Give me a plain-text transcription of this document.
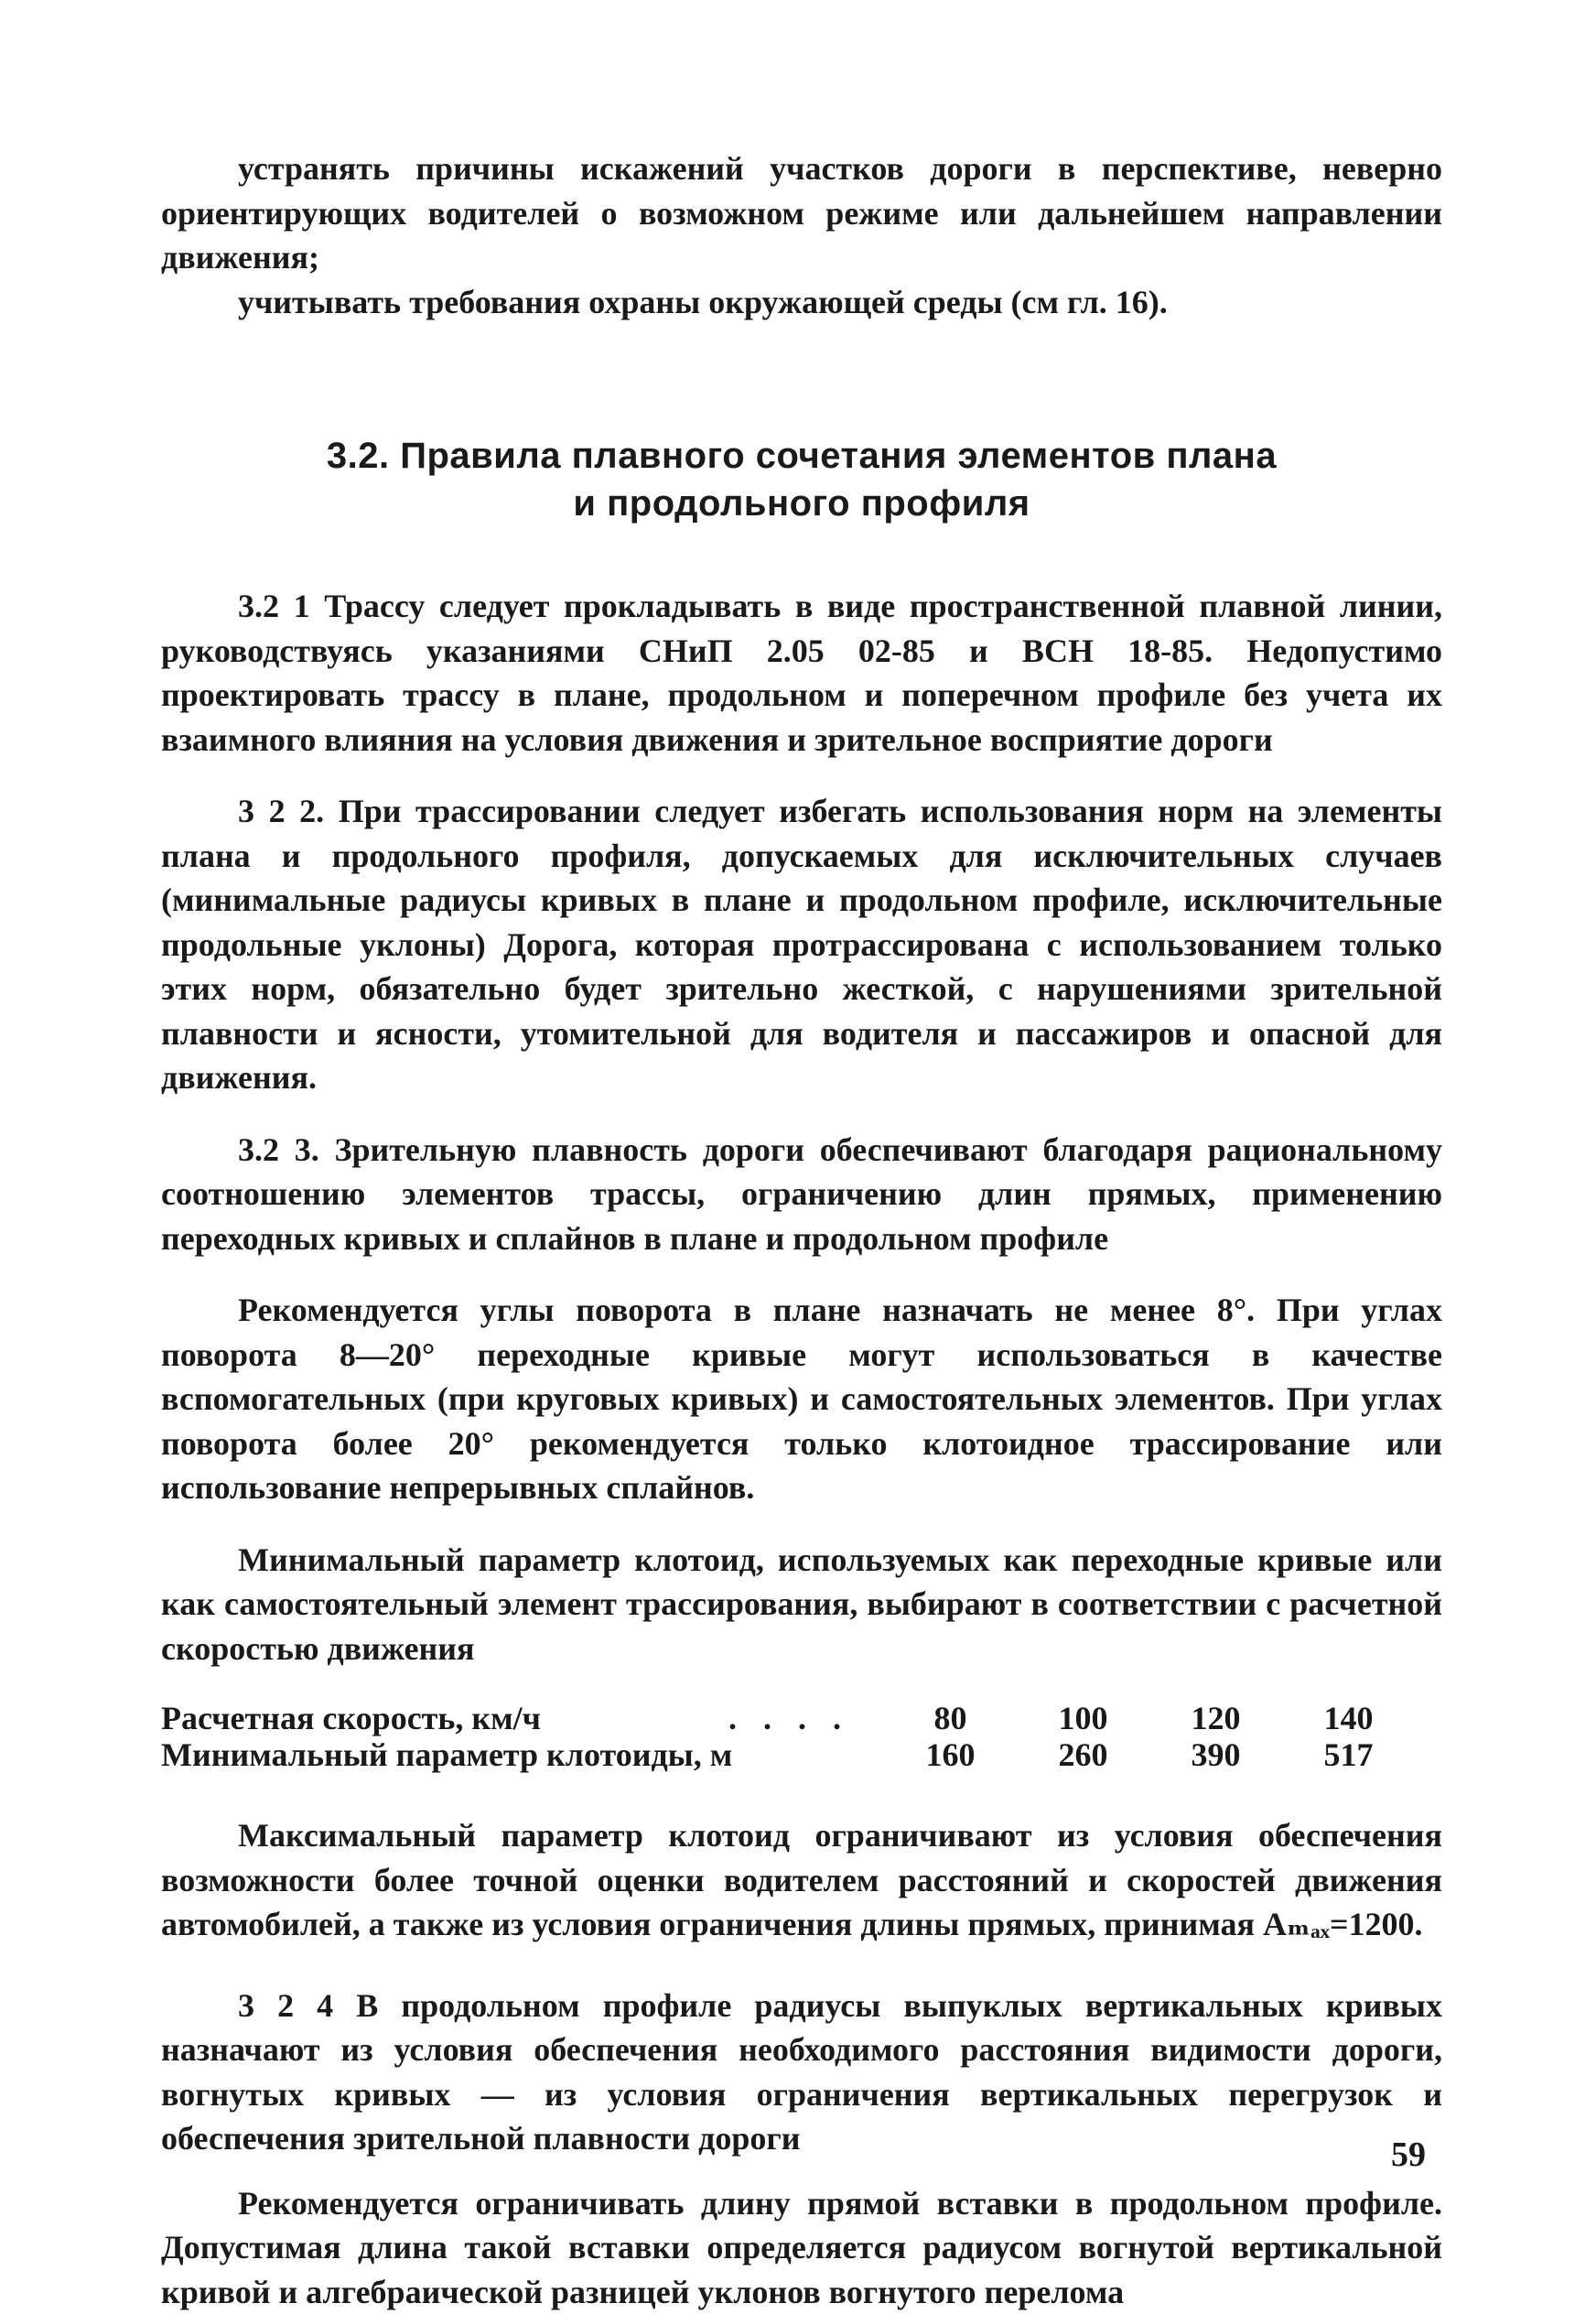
устранять причины искажений участков дороги в перспективе, неверно ориентирующих водителей о возможном режиме или дальнейшем направлении движения;

учитывать требования охраны окружающей среды (см гл. 16).

3.2. Правила плавного сочетания элементов плана
и продольного профиля

3.2 1 Трассу следует прокладывать в виде пространственной плавной линии, руководствуясь указаниями СНиП 2.05 02-85 и ВСН 18-85. Недопустимо проектировать трассу в плане, продольном и поперечном профиле без учета их взаимного влияния на условия движения и зрительное восприятие дороги

3 2 2. При трассировании следует избегать использования норм на элементы плана и продольного профиля, допускаемых для исключительных случаев (минимальные радиусы кривых в плане и продольном профиле, исключительные продольные уклоны) Дорога, которая протрассирована с использованием только этих норм, обязательно будет зрительно жесткой, с нарушениями зрительной плавности и ясности, утомительной для водителя и пассажиров и опасной для движения.

3.2 3. Зрительную плавность дороги обеспечивают благодаря рациональному соотношению элементов трассы, ограничению длин прямых, применению переходных кривых и сплайнов в плане и продольном профиле

Рекомендуется углы поворота в плане назначать не менее 8°. При углах поворота 8—20° переходные кривые могут использоваться в качестве вспомогательных (при круговых кривых) и самостоятельных элементов. При углах поворота более 20° рекомендуется только клотоидное трассирование или использование непрерывных сплайнов.

Минимальный параметр клотоид, используемых как переходные кривые или как самостоятельный элемент трассирования, выбирают в соответствии с расчетной скоростью движения

Расчетная скорость, км/ч	. . . .	80	100	120	140
Минимальный параметр клотоиды, м		160	260	390	517

Максимальный параметр клотоид ограничивают из условия обеспечения возможности более точной оценки водителем расстояний и скоростей движения автомобилей, а также из условия ограничения длины прямых, принимая Aₘₐₓ=1200.

3 2 4 В продольном профиле радиусы выпуклых вертикальных кривых назначают из условия обеспечения необходимого расстояния видимости дороги, вогнутых кривых — из условия ограничения вертикальных перегрузок и обеспечения зрительной плавности дороги

Рекомендуется ограничивать длину прямой вставки в продольном профиле. Допустимая длина такой вставки определяется радиусом вогнутой вертикальной кривой и алгебраической разницей уклонов вогнутого перелома

59
